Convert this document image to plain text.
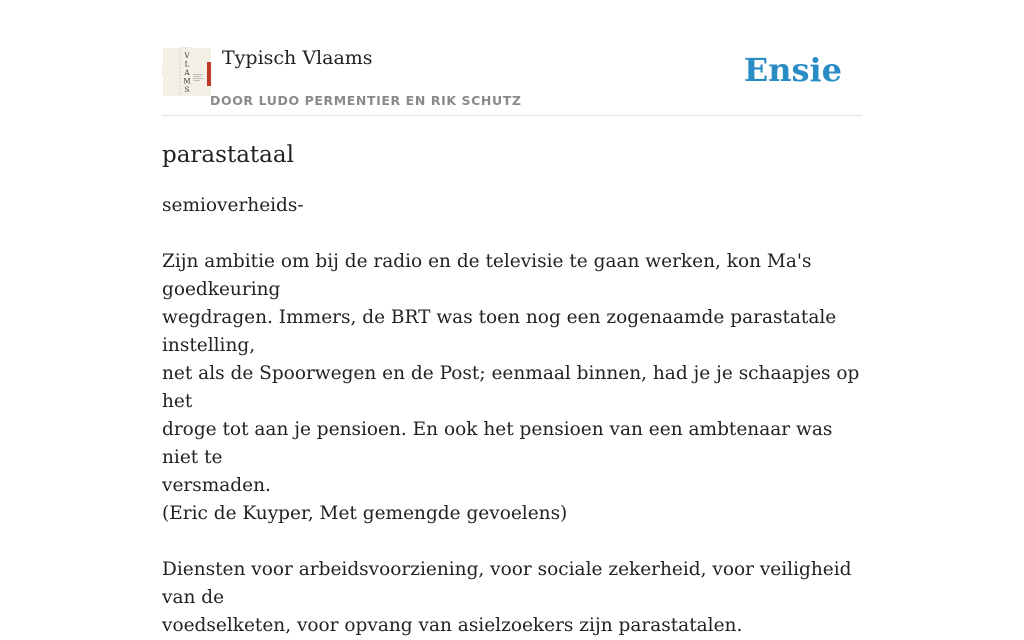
V L A M S
Typisch Vlaams
DOOR LUDO PERMENTIER EN RIK SCHUTZ
Ensie
parastataal

semioverheids-

Zijn ambitie om bij de radio en de televisie te gaan werken, kon Ma's goedkeuring

wegdragen. Immers, de BRT was toen nog een zogenaamde parastatale instelling,

net als de Spoorwegen en de Post; eenmaal binnen, had je je schaapjes op het

droge tot aan je pensioen. En ook het pensioen van een ambtenaar was niet te

versmaden.

(Eric de Kuyper, Met gemengde gevoelens)

Diensten voor arbeidsvoorziening, voor sociale zekerheid, voor veiligheid van de

voedselketen, voor opvang van asielzoekers zijn parastatalen.
